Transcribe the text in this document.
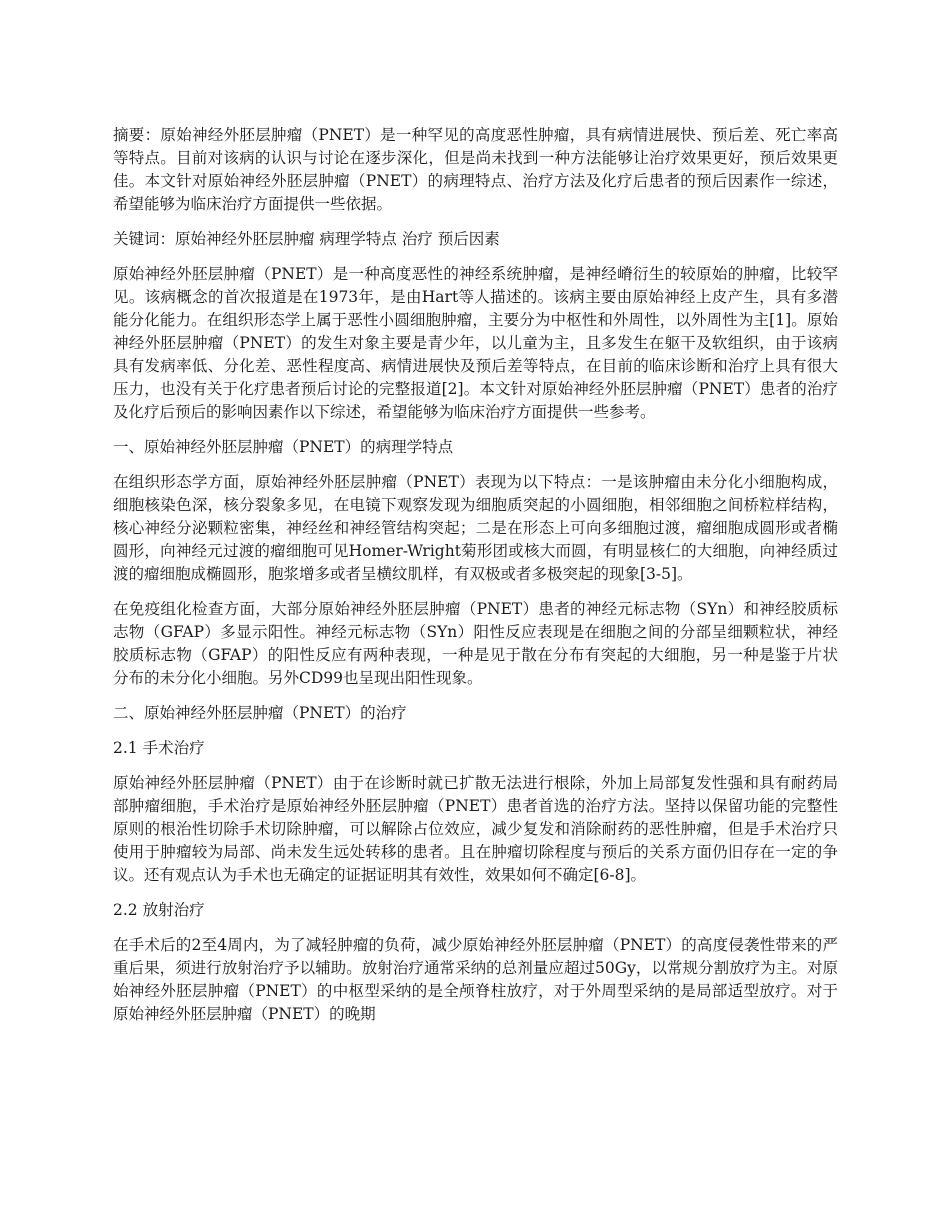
摘要：原始神经外胚层肿瘤（PNET）是一种罕见的高度恶性肿瘤，具有病情进展快、预后差、死亡率高等特点。目前对该病的认识与讨论在逐步深化，但是尚未找到一种方法能够让治疗效果更好，预后效果更佳。本文针对原始神经外胚层肿瘤（PNET）的病理特点、治疗方法及化疗后患者的预后因素作一综述，希望能够为临床治疗方面提供一些依据。

关键词：原始神经外胚层肿瘤 病理学特点 治疗 预后因素

原始神经外胚层肿瘤（PNET）是一种高度恶性的神经系统肿瘤，是神经嵴衍生的较原始的肿瘤，比较罕见。该病概念的首次报道是在1973年，是由Hart等人描述的。该病主要由原始神经上皮产生，具有多潜能分化能力。在组织形态学上属于恶性小圆细胞肿瘤，主要分为中枢性和外周性，以外周性为主[1]。原始神经外胚层肿瘤（PNET）的发生对象主要是青少年，以儿童为主，且多发生在躯干及软组织，由于该病具有发病率低、分化差、恶性程度高、病情进展快及预后差等特点，在目前的临床诊断和治疗上具有很大压力，也没有关于化疗患者预后讨论的完整报道[2]。本文针对原始神经外胚层肿瘤（PNET）患者的治疗及化疗后预后的影响因素作以下综述，希望能够为临床治疗方面提供一些参考。

一、原始神经外胚层肿瘤（PNET）的病理学特点

在组织形态学方面，原始神经外胚层肿瘤（PNET）表现为以下特点：一是该肿瘤由未分化小细胞构成，细胞核染色深，核分裂象多见，在电镜下观察发现为细胞质突起的小圆细胞，相邻细胞之间桥粒样结构，核心神经分泌颗粒密集，神经丝和神经管结构突起；二是在形态上可向多细胞过渡，瘤细胞成圆形或者椭圆形，向神经元过渡的瘤细胞可见Homer-Wright菊形团或核大而圆，有明显核仁的大细胞，向神经质过渡的瘤细胞成椭圆形，胞浆增多或者呈横纹肌样，有双极或者多极突起的现象[3-5]。

在免疫组化检查方面，大部分原始神经外胚层肿瘤（PNET）患者的神经元标志物（SYn）和神经胶质标志物（GFAP）多显示阳性。神经元标志物（SYn）阳性反应表现是在细胞之间的分部呈细颗粒状，神经胶质标志物（GFAP）的阳性反应有两种表现，一种是见于散在分布有突起的大细胞，另一种是鉴于片状分布的未分化小细胞。另外CD99也呈现出阳性现象。

二、原始神经外胚层肿瘤（PNET）的治疗

2.1 手术治疗

原始神经外胚层肿瘤（PNET）由于在诊断时就已扩散无法进行根除，外加上局部复发性强和具有耐药局部肿瘤细胞，手术治疗是原始神经外胚层肿瘤（PNET）患者首选的治疗方法。坚持以保留功能的完整性原则的根治性切除手术切除肿瘤，可以解除占位效应，减少复发和消除耐药的恶性肿瘤，但是手术治疗只使用于肿瘤较为局部、尚未发生远处转移的患者。且在肿瘤切除程度与预后的关系方面仍旧存在一定的争议。还有观点认为手术也无确定的证据证明其有效性，效果如何不确定[6-8]。

2.2 放射治疗

在手术后的2至4周内，为了减轻肿瘤的负荷，减少原始神经外胚层肿瘤（PNET）的高度侵袭性带来的严重后果，须进行放射治疗予以辅助。放射治疗通常采纳的总剂量应超过50Gy，以常规分割放疗为主。对原始神经外胚层肿瘤（PNET）的中枢型采纳的是全颅脊柱放疗，对于外周型采纳的是局部适型放疗。对于原始神经外胚层肿瘤（PNET）的晚期
